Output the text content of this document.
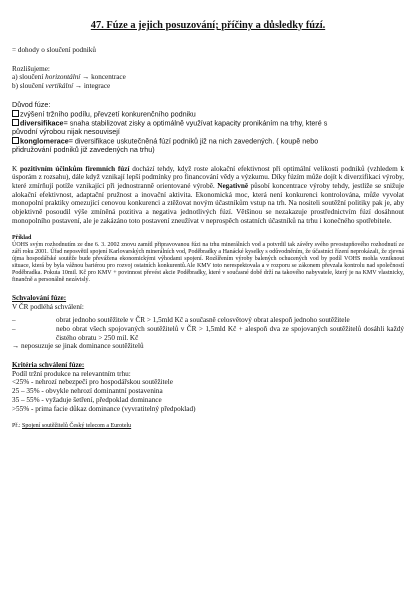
47. Fúze a jejich posuzování; příčiny a důsledky fúzí.
= dohody o sloučení podniků
Rozlišujeme:
a) sloučení horizontální → koncentrace
b) sloučení vertikální → integrace
Důvod fúze:
zvýšení tržního podílu, převzetí konkurenčního podniku
diversifikace= snaha stabilizovat zisky a optimálně využívat kapacity pronikáním na trhy, které s
původní výrobou nijak nesouvisejí
konglomerace= diversifikace uskutečněná fúzí podniků již na nich zavedených. ( koupě nebo
přidružování podniků již zavedených na trhu)
K pozitivním účinkům firemních fúzí dochází tehdy, když roste alokační efektivnost při optimální velikosti podniků (vzhledem k úsporám z rozsahu), dále když vznikají lepší podmínky pro financování vědy a výzkumu. Díky fúzím může dojít k diverzifikaci výroby, které zmírňují potíže vznikající při jednostranně orientované výrobě. Negativně působí koncentrace výroby tehdy, jestliže se snižuje alokační efektivnost, adaptační pružnost a inovační aktivita. Ekonomická moc, která není konkurenci kontrolována, může vyvolat monopolní praktiky omezující cenovou konkurenci a ztěžovat novým účastníkům vstup na trh. Na nositeli soutěžní politiky pak je, aby objektivně posoudil výše zmíněná pozitiva a negativa jednotlivých fúzí. Většinou se nezakazuje prostřednictvím fúzí dosáhnout monopolního postavení, ale je zakázáno toto postavení zneužívat v neprospěch ostatních účastníků na trhu i konečného spotřebitele.
Příklad
ÚOHS svým rozhodnutím ze dne 6. 3. 2002 znovu zamítl připravovanou fúzi na trhu minerálních vod a potvrdil tak závěry svého prvostupňového rozhodnutí ze září roku 2001. Úřad neposvětil spojení Karlovarských minerálních vod, Poděbradky a Hanácké kyselky s odůvodněním, že účastníci řízení neprokázali, že zjevná újma hospodářské soutěže bude převážena ekonomickými výhodami spojení. Rozšířením výroby balených ochucených vod by podíl VOHS mohla vzniknout situace, která by byla vážnou bariérou pro rozvoj ostatních konkurentů.Ale KMV toto nerespektovala a v rozporu se zákonem převzala kontrolu nad společností Poděbradka. Pokuta 10mil. Kč pro KMV + povinnost převést akcie Poděbradky, které v současné době drží na takového nabyvatele, který je na KMV vlastnicky, finančně a personálně nezávislý.
Schvalování fúze:
V ČR podléhá schválení:
–	obrat jednoho soutěžitele v ČR > 1,5mld Kč a současně celosvětový obrat alespoň jednoho soutěžitele
–	nebo obrat všech spojovaných soutěžitelů v ČR > 1,5mld Kč + alespoň dva ze spojovaných soutěžitelů dosáhli každý čistého obratu > 250 mil. Kč
→ neposuzuje se jinak dominance soutěžitelů
Kritéria schválení fúze:
Podíl tržní produkce na relevantním trhu:
<25% - nehrozí nebezpečí pro hospodářskou soutěžitele
25 – 35% - obvykle nehrozí dominantní postavenina
35 – 55% - vyžaduje šetření, předpoklad dominance
>55% - prima facie důkaz dominance (vyvratitelný předpoklad)
Př.: Spojení soutěžitelů Český telecom a Eurotelu
